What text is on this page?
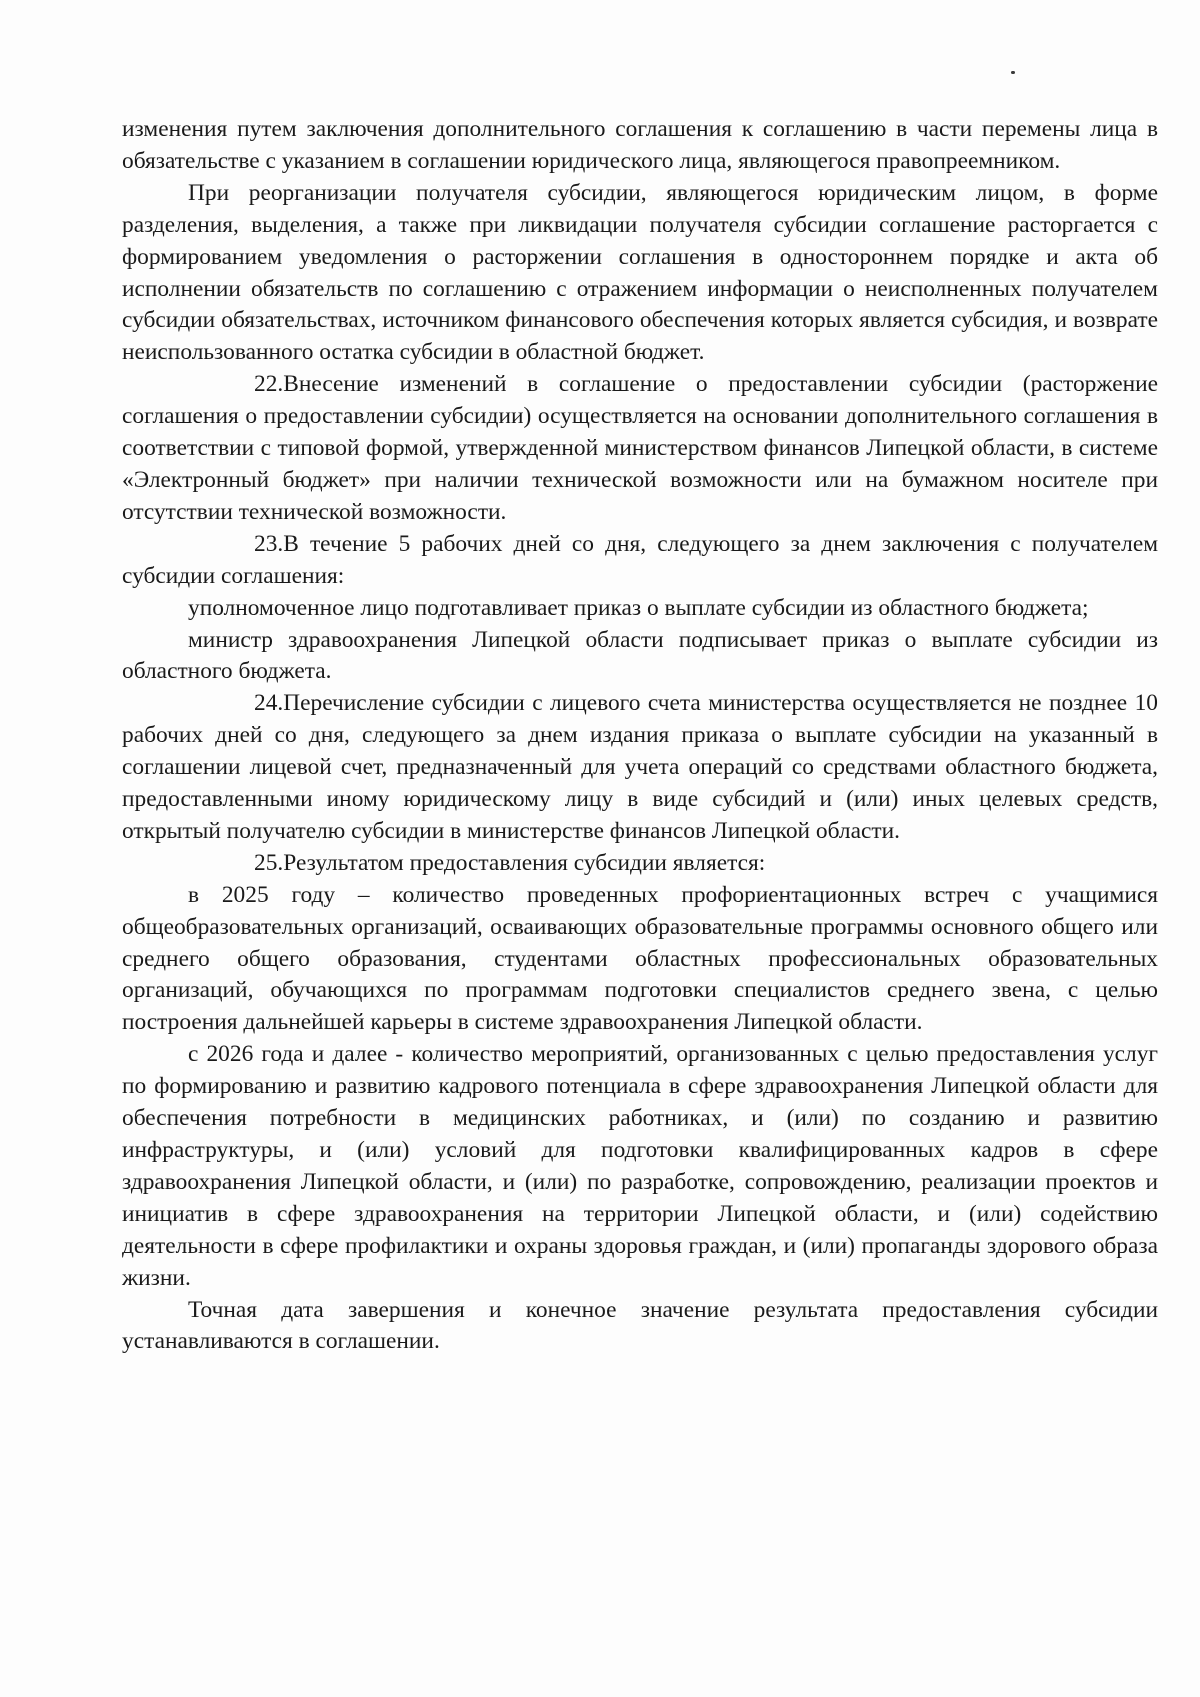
изменения путем заключения дополнительного соглашения к соглашению в части перемены лица в обязательстве с указанием в соглашении юридического лица, являющегося правопреемником.

При реорганизации получателя субсидии, являющегося юридическим лицом, в форме разделения, выделения, а также при ликвидации получателя субсидии соглашение расторгается с формированием уведомления о расторжении соглашения в одностороннем порядке и акта об исполнении обязательств по соглашению с отражением информации о неисполненных получателем субсидии обязательствах, источником финансового обеспечения которых является субсидия, и возврате неиспользованного остатка субсидии в областной бюджет.

22.Внесение изменений в соглашение о предоставлении субсидии (расторжение соглашения о предоставлении субсидии) осуществляется на основании дополнительного соглашения в соответствии с типовой формой, утвержденной министерством финансов Липецкой области, в системе «Электронный бюджет» при наличии технической возможности или на бумажном носителе при отсутствии технической возможности.

23.В течение 5 рабочих дней со дня, следующего за днем заключения с получателем субсидии соглашения:

уполномоченное лицо подготавливает приказ о выплате субсидии из областного бюджета;

министр здравоохранения Липецкой области подписывает приказ о выплате субсидии из областного бюджета.

24.Перечисление субсидии с лицевого счета министерства осуществляется не позднее 10 рабочих дней со дня, следующего за днем издания приказа о выплате субсидии на указанный в соглашении лицевой счет, предназначенный для учета операций со средствами областного бюджета, предоставленными иному юридическому лицу в виде субсидий и (или) иных целевых средств, открытый получателю субсидии в министерстве финансов Липецкой области.

25.Результатом предоставления субсидии является:

в 2025 году – количество проведенных профориентационных встреч с учащимися общеобразовательных организаций, осваивающих образовательные программы основного общего или среднего общего образования, студентами областных профессиональных образовательных организаций, обучающихся по программам подготовки специалистов среднего звена, с целью построения дальнейшей карьеры в системе здравоохранения Липецкой области.

с 2026 года и далее - количество мероприятий, организованных с целью предоставления услуг по формированию и развитию кадрового потенциала в сфере здравоохранения Липецкой области для обеспечения потребности в медицинских работниках, и (или) по созданию и развитию инфраструктуры, и (или) условий для подготовки квалифицированных кадров в сфере здравоохранения Липецкой области, и (или) по разработке, сопровождению, реализации проектов и инициатив в сфере здравоохранения на территории Липецкой области, и (или) содействию деятельности в сфере профилактики и охраны здоровья граждан, и (или) пропаганды здорового образа жизни.

Точная дата завершения и конечное значение результата предоставления субсидии устанавливаются в соглашении.
